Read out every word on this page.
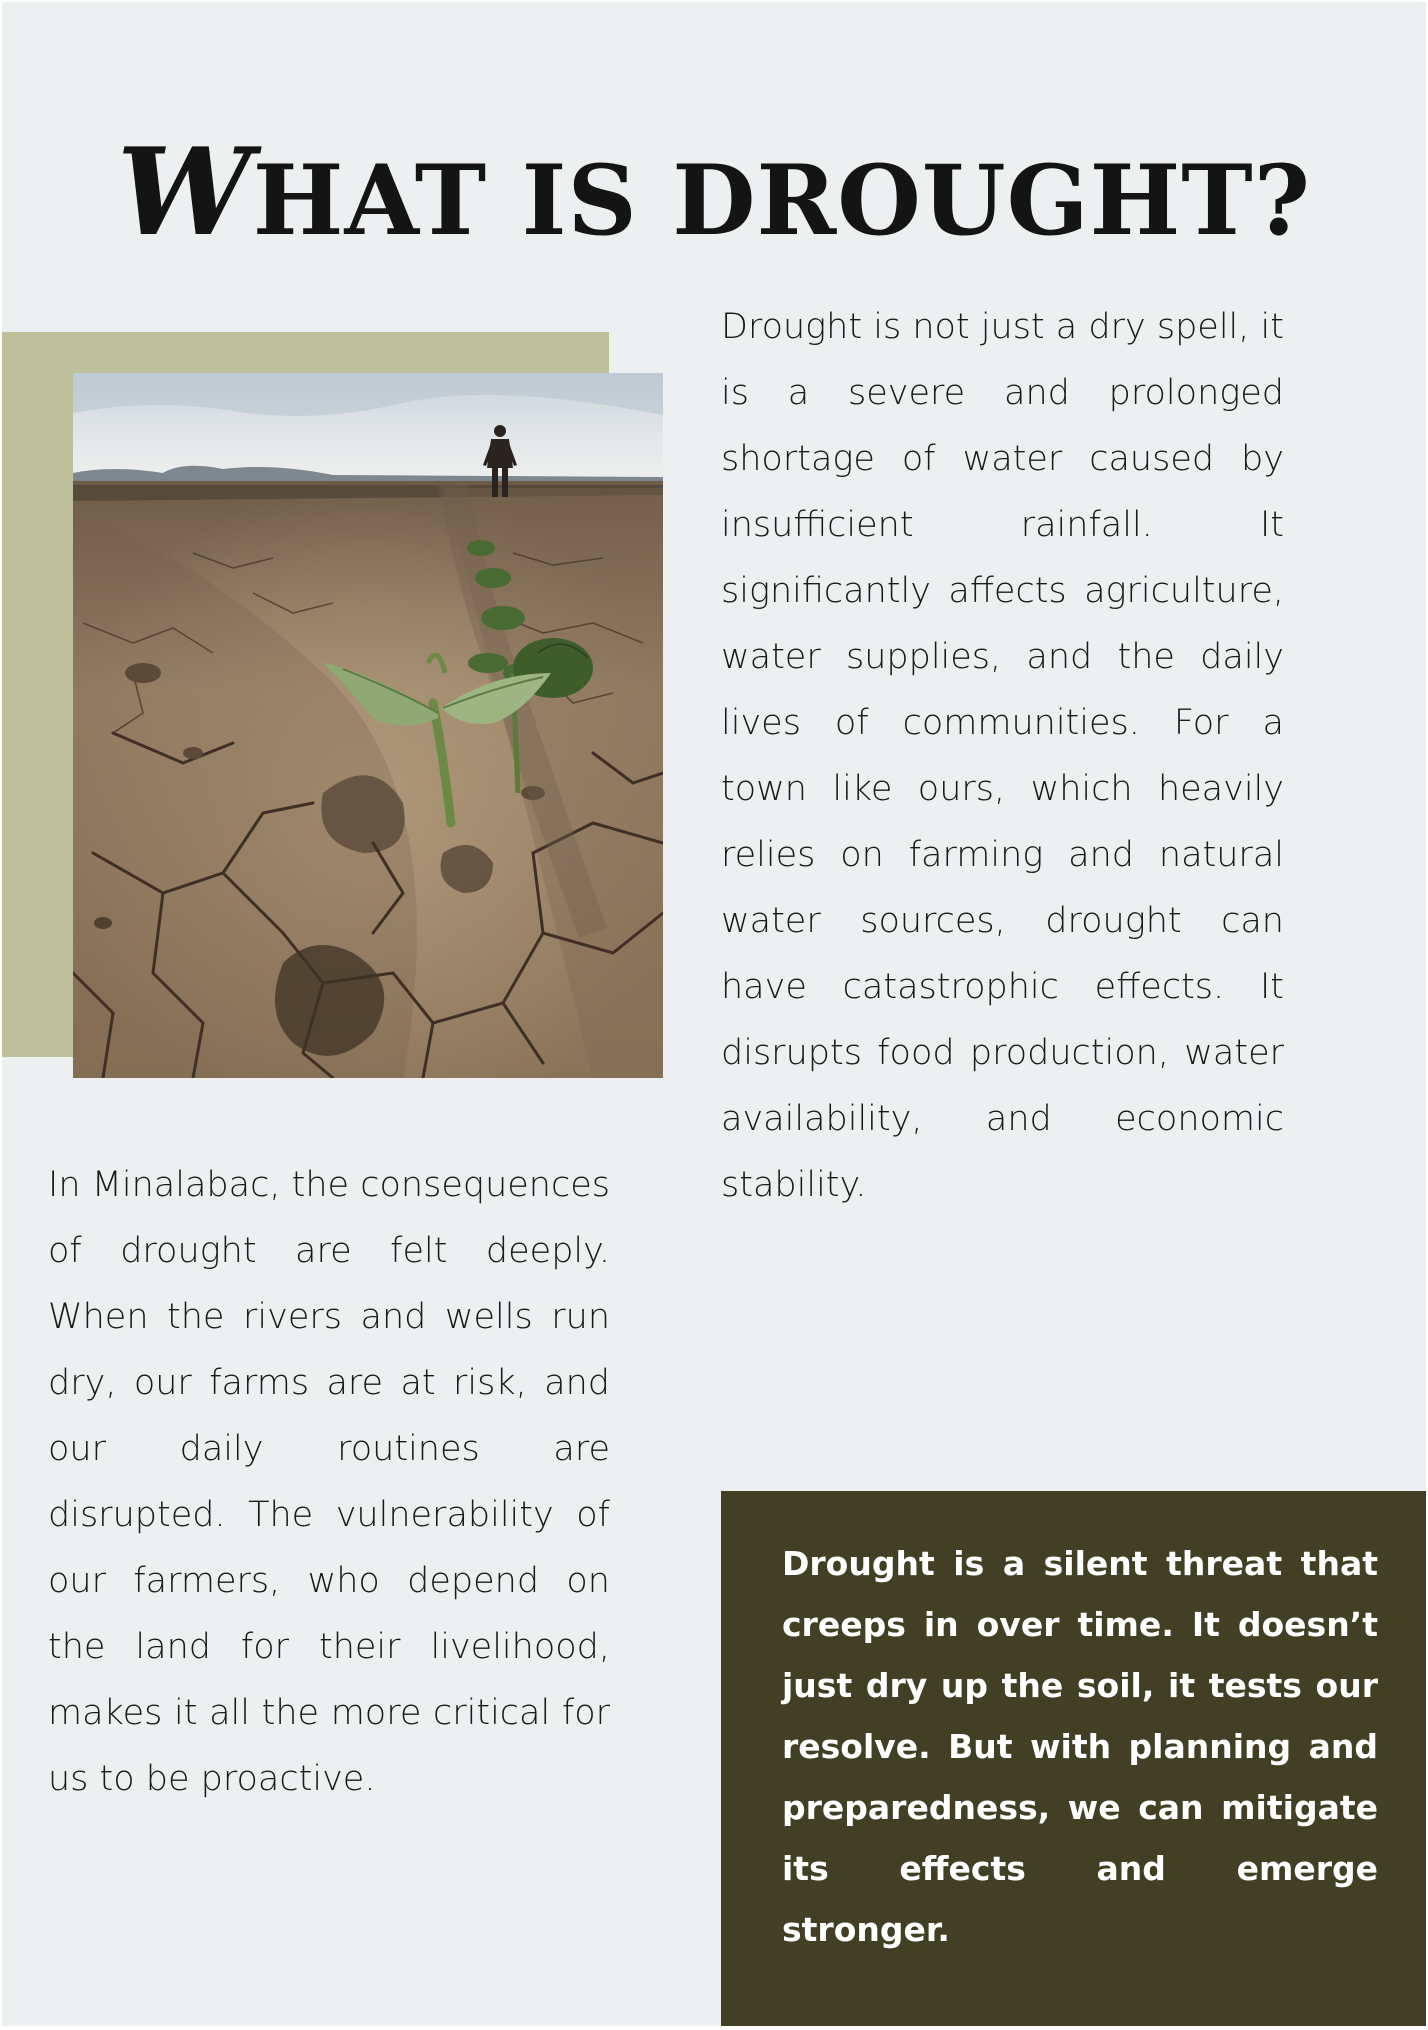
WHAT IS DROUGHT?

Drought is not just a dry spell, it is a severe and prolonged shortage of water caused by insufficient rainfall. It significantly affects agriculture, water supplies, and the daily lives of communities. For a town like ours, which heavily relies on farming and natural water sources, drought can have catastrophic effects. It disrupts food production, water availability, and economic stability.

In Minalabac, the consequences of drought are felt deeply. When the rivers and wells run dry, our farms are at risk, and our daily routines are disrupted. The vulnerability of our farmers, who depend on the land for their livelihood, makes it all the more critical for us to be proactive.

Drought is a silent threat that creeps in over time. It doesn’t just dry up the soil, it tests our resolve. But with planning and preparedness, we can mitigate its effects and emerge stronger.
